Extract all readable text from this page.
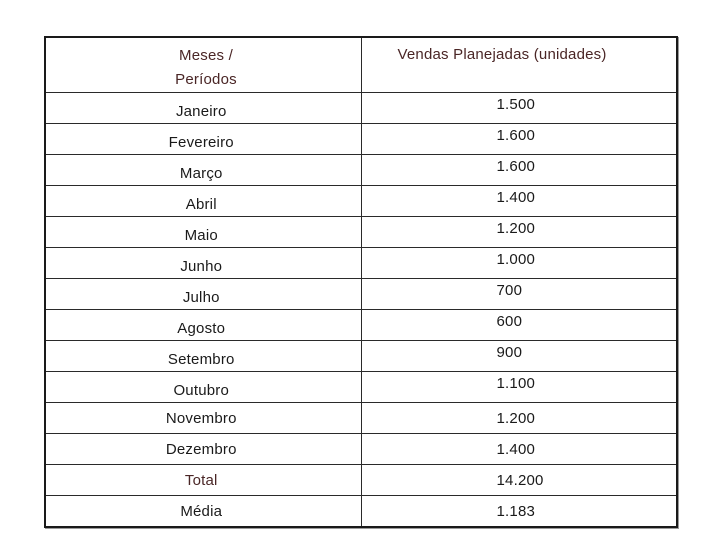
Meses /
Períodos	Vendas Planejadas (unidades)

Janeiro	1.500
Fevereiro	1.600
Março	1.600
Abril	1.400
Maio	1.200
Junho	1.000
Julho	700
Agosto	600
Setembro	900
Outubro	1.100
Novembro	1.200
Dezembro	1.400
Total	14.200
Média	1.183
